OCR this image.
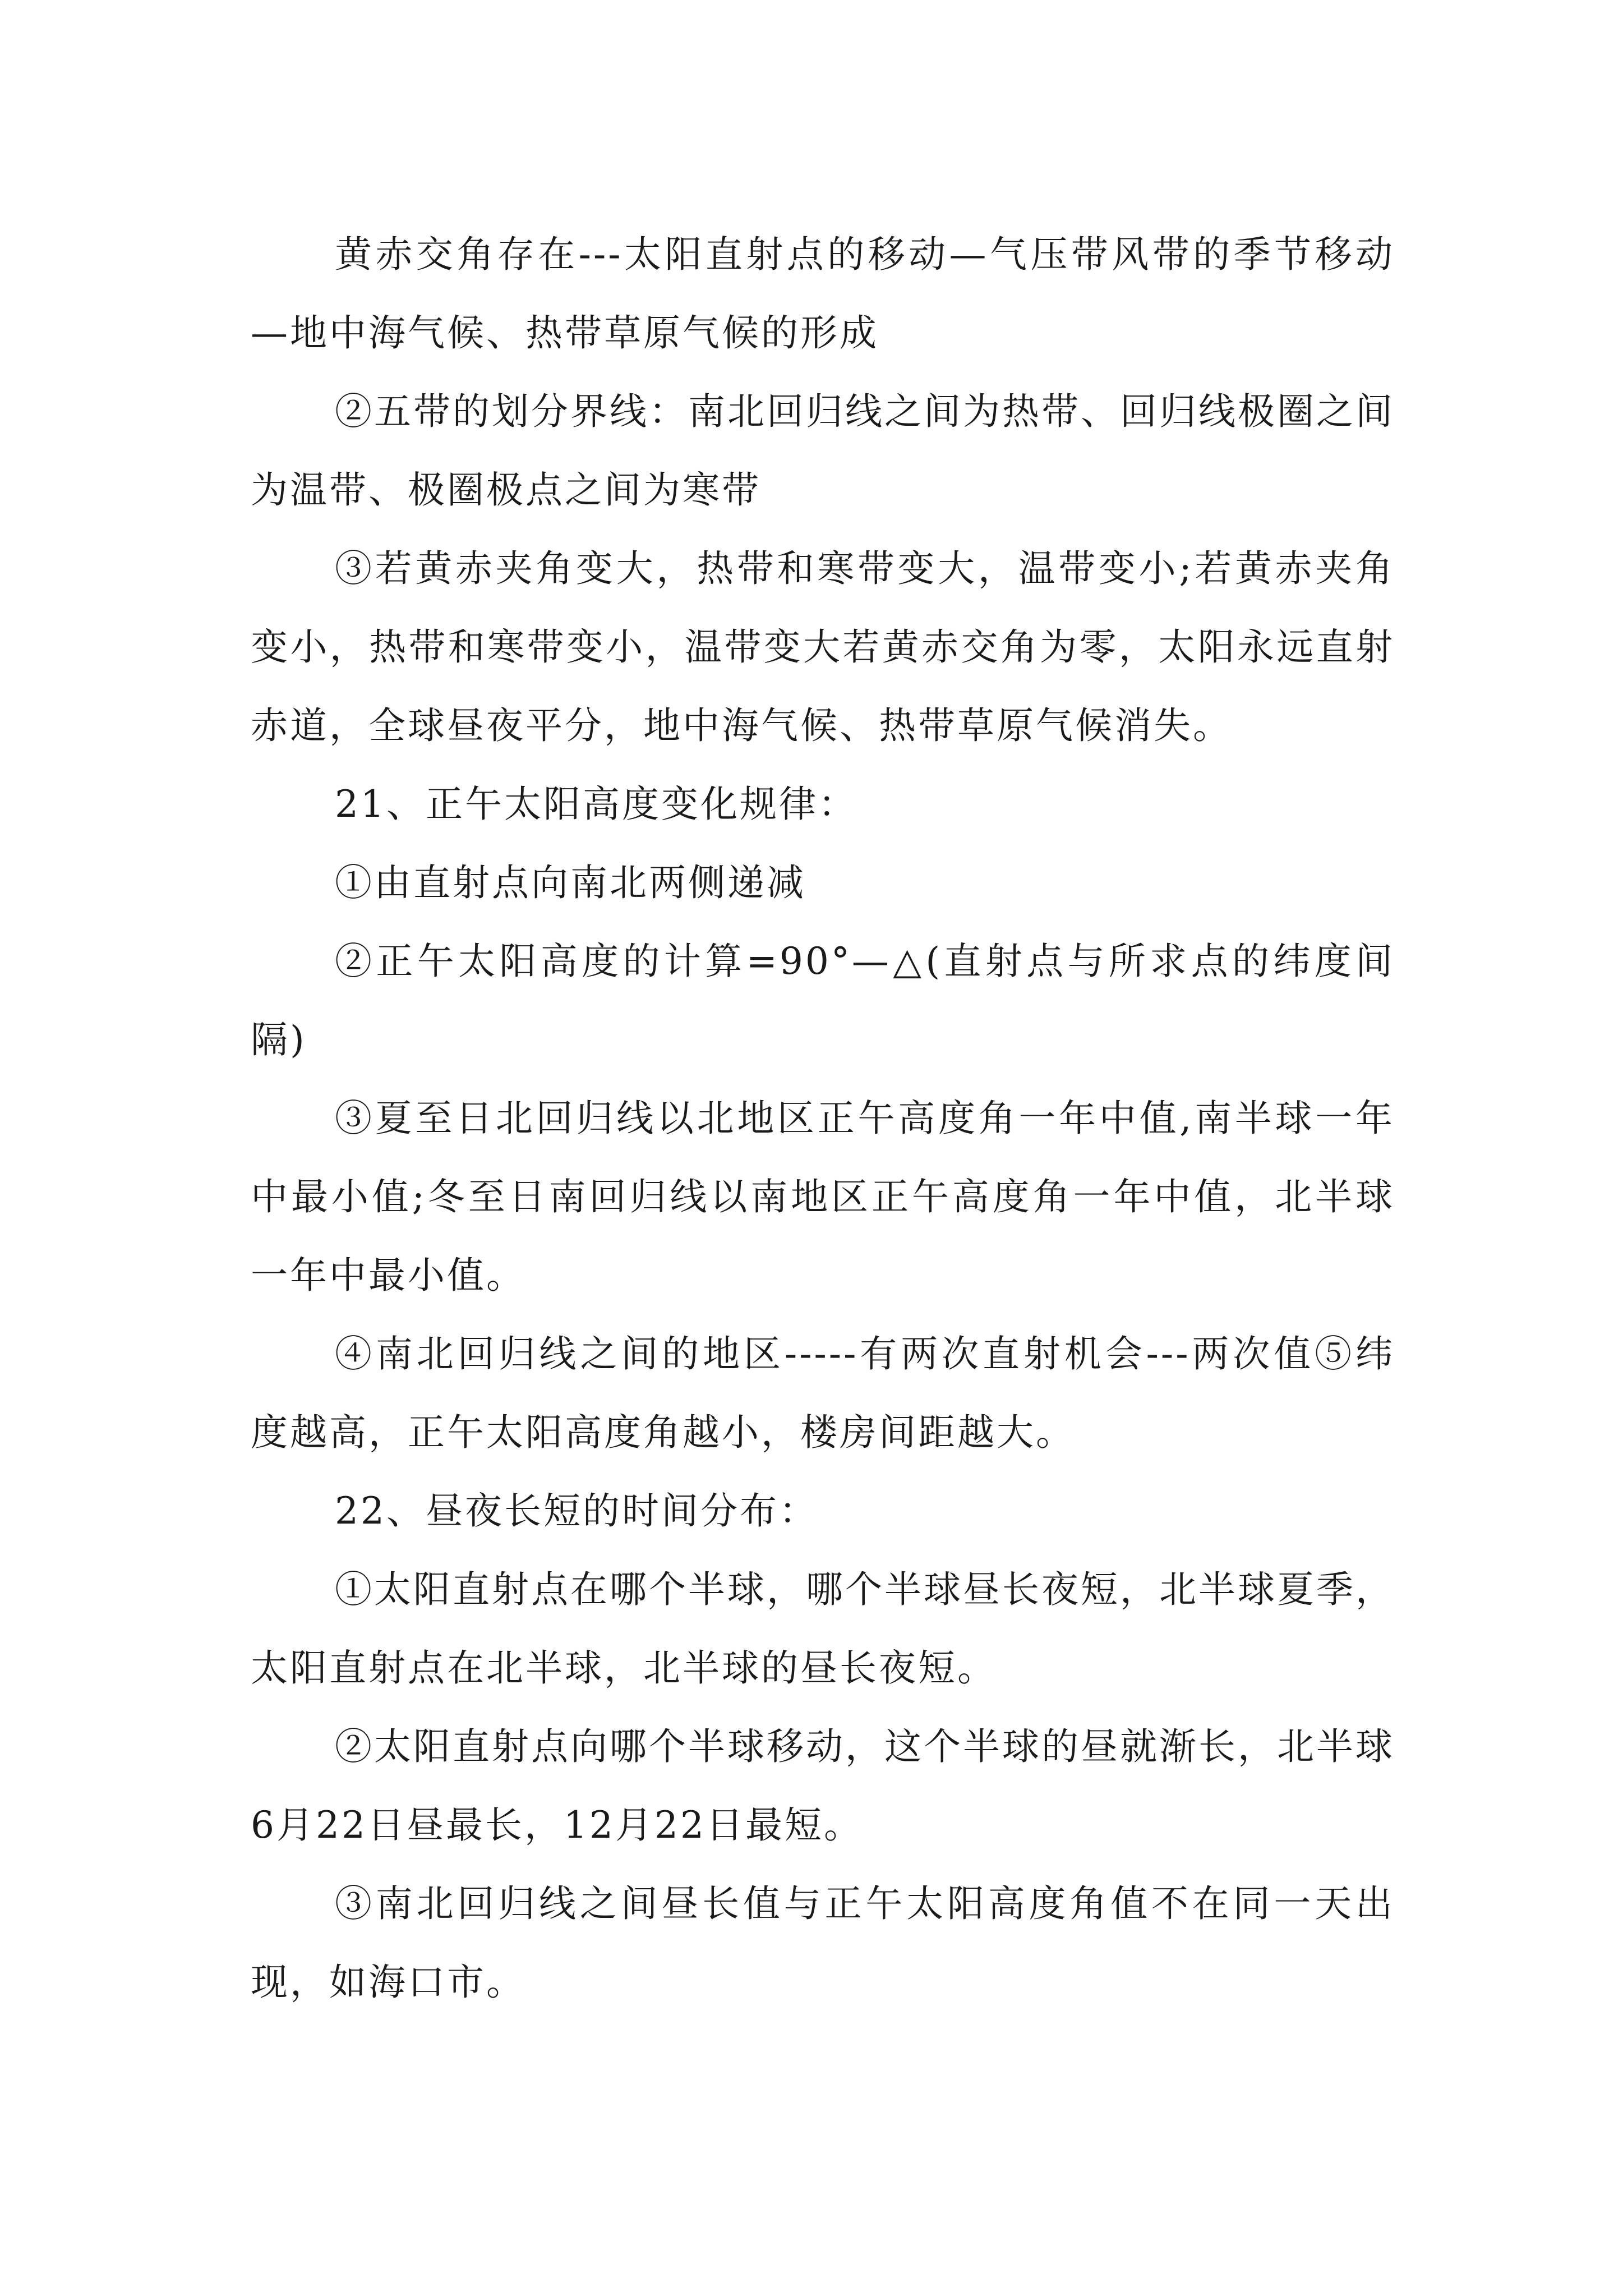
黄赤交角存在---太阳直射点的移动—气压带风带的季节移动—地中海气候、热带草原气候的形成

②五带的划分界线：南北回归线之间为热带、回归线极圈之间为温带、极圈极点之间为寒带

③若黄赤夹角变大，热带和寒带变大，温带变小;若黄赤夹角变小，热带和寒带变小，温带变大若黄赤交角为零，太阳永远直射赤道，全球昼夜平分，地中海气候、热带草原气候消失。

21、正午太阳高度变化规律：

①由直射点向南北两侧递减

②正午太阳高度的计算=90°—△(直射点与所求点的纬度间隔)

③夏至日北回归线以北地区正午高度角一年中值,南半球一年中最小值;冬至日南回归线以南地区正午高度角一年中值，北半球一年中最小值。

④南北回归线之间的地区-----有两次直射机会---两次值⑤纬度越高，正午太阳高度角越小，楼房间距越大。

22、昼夜长短的时间分布：

①太阳直射点在哪个半球，哪个半球昼长夜短，北半球夏季，太阳直射点在北半球，北半球的昼长夜短。

②太阳直射点向哪个半球移动，这个半球的昼就渐长，北半球6月22日昼最长，12月22日最短。

③南北回归线之间昼长值与正午太阳高度角值不在同一天出现，如海口市。
